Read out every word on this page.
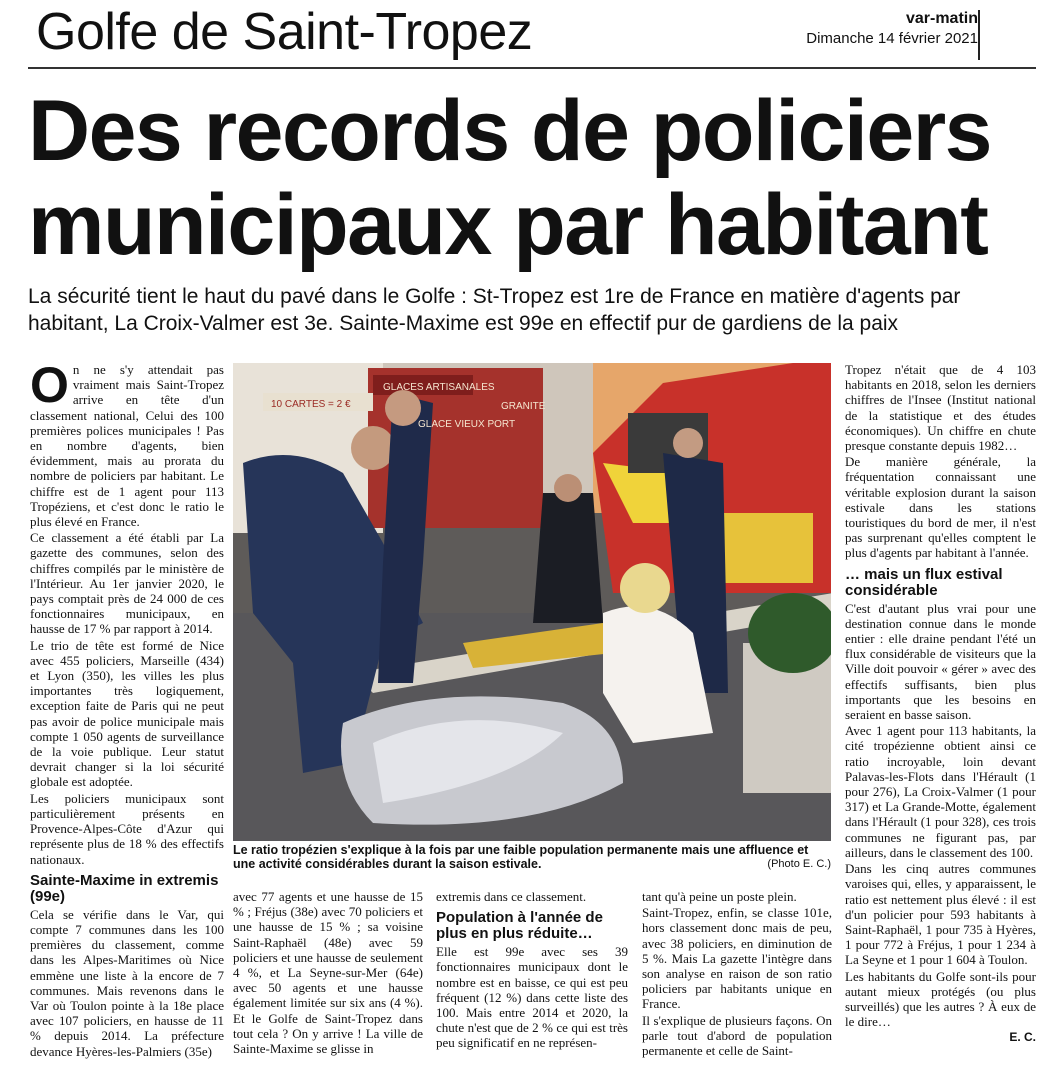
Golfe de Saint-Tropez	var-matin
Dimanche 14 février 2021
Des records de policiers municipaux par habitant
La sécurité tient le haut du pavé dans le Golfe : St-Tropez est 1re de France en matière d'agents par habitant, La Croix-Valmer est 3e. Sainte-Maxime est 99e en effectif pur de gardiens de la paix
O n ne s'y attendait pas vraiment mais Saint-Tropez arrive en tête d'un classement national, Celui des 100 premières polices municipales ! Pas en nombre d'agents, bien évidemment, mais au prorata du nombre de policiers par habitant. Le chiffre est de 1 agent pour 113 Tropéziens, et c'est donc le ratio le plus élevé en France.

Ce classement a été établi par La gazette des communes, selon des chiffres compilés par le ministère de l'Intérieur. Au 1er janvier 2020, le pays comptait près de 24 000 de ces fonctionnaires municipaux, en hausse de 17 % par rapport à 2014.

Le trio de tête est formé de Nice avec 455 policiers, Marseille (434) et Lyon (350), les villes les plus importantes très logiquement, exception faite de Paris qui ne peut pas avoir de police municipale mais compte 1 050 agents de surveillance de la voie publique. Leur statut devrait changer si la loi sécurité globale est adoptée.

Les policiers municipaux sont particulièrement présents en Provence-Alpes-Côte d'Azur qui représente plus de 18 % des effectifs nationaux.

Sainte-Maxime in extremis (99e)

Cela se vérifie dans le Var, qui compte 7 communes dans les 100 premières du classement, comme dans les Alpes-Maritimes où Nice emmène une liste à la encore de 7 communes. Mais revenons dans le Var où Toulon pointe à la 18e place avec 107 policiers, en hausse de 11 % depuis 2014. La préfecture devance Hyères-les-Palmiers (35e)

GLACES ARTISANALES
GRANITE
GLACE VIEUX PORT
10 CARTES = 2 €
Le ratio tropézien s'explique à la fois par une faible population permanente mais une affluence et une activité considérables durant la saison estivale.	(Photo E. C.)

avec 77 agents et une hausse de 15 % ; Fréjus (38e) avec 70 policiers et une hausse de 15 % ; sa voisine Saint-Raphaël (48e) avec 59 policiers et une hausse de seulement 4 %, et La Seyne-sur-Mer (64e) avec 50 agents et une hausse également limitée sur six ans (4 %). Et le Golfe de Saint-Tropez dans tout cela ? On y arrive ! La ville de Sainte-Maxime se glisse in

extremis dans ce classement.

Population à l'année de plus en plus réduite…

Elle est 99e avec ses 39 fonctionnaires municipaux dont le nombre est en baisse, ce qui est peu fréquent (12 %) dans cette liste des 100. Mais entre 2014 et 2020, la chute n'est que de 2 % ce qui est très peu significatif en ne représen-

tant qu'à peine un poste plein.

Saint-Tropez, enfin, se classe 101e, hors classement donc mais de peu, avec 38 policiers, en diminution de 5 %. Mais La gazette l'intègre dans son analyse en raison de son ratio policiers par habitants unique en France.

Il s'explique de plusieurs façons. On parle tout d'abord de population permanente et celle de Saint-

Tropez n'était que de 4 103 habitants en 2018, selon les derniers chiffres de l'Insee (Institut national de la statistique et des études économiques). Un chiffre en chute presque constante depuis 1982…

De manière générale, la fréquentation connaissant une véritable explosion durant la saison estivale dans les stations touristiques du bord de mer, il n'est pas surprenant qu'elles comptent le plus d'agents par habitant à l'année.

… mais un flux estival considérable

C'est d'autant plus vrai pour une destination connue dans le monde entier : elle draine pendant l'été un flux considérable de visiteurs que la Ville doit pouvoir « gérer » avec des effectifs suffisants, bien plus importants que les besoins en seraient en basse saison.

Avec 1 agent pour 113 habitants, la cité tropézienne obtient ainsi ce ratio incroyable, loin devant Palavas-les-Flots dans l'Hérault (1 pour 276), La Croix-Valmer (1 pour 317) et La Grande-Motte, également dans l'Hérault (1 pour 328), ces trois communes ne figurant pas, par ailleurs, dans le classement des 100.

Dans les cinq autres communes varoises qui, elles, y apparaissent, le ratio est nettement plus élevé : il est d'un policier pour 593 habitants à Saint-Raphaël, 1 pour 735 à Hyères, 1 pour 772 à Fréjus, 1 pour 1 234 à La Seyne et 1 pour 1 604 à Toulon.

Les habitants du Golfe sont-ils pour autant mieux protégés (ou plus surveillés) que les autres ? À eux de le dire…

E. C.
